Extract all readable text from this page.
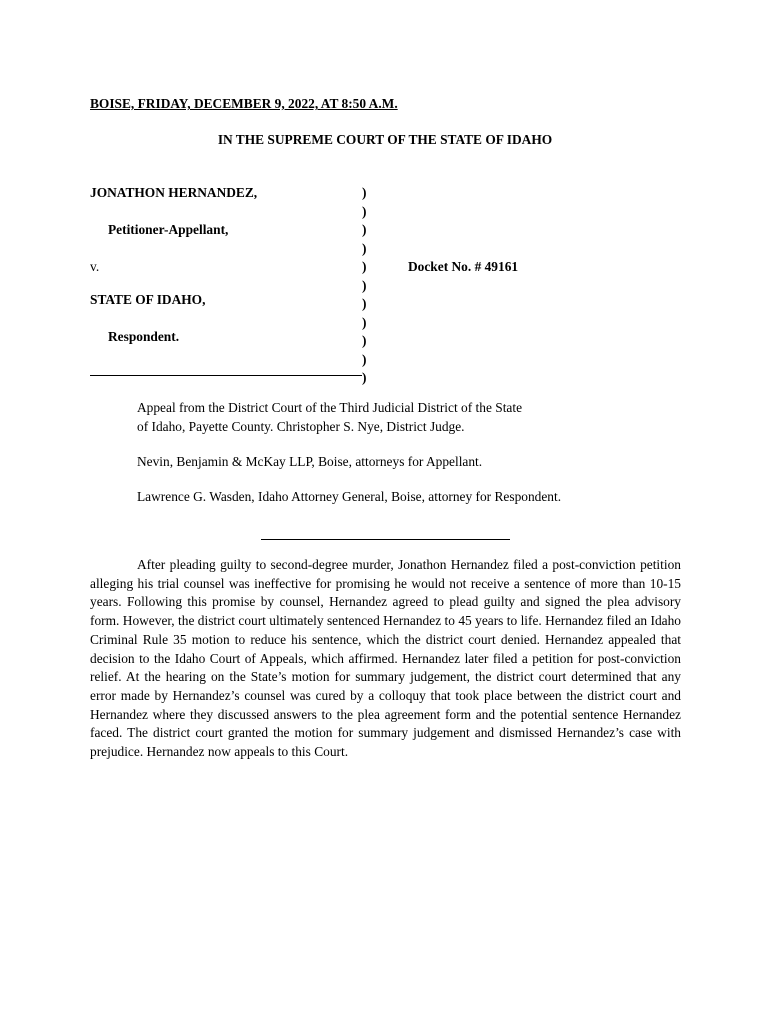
BOISE, FRIDAY, DECEMBER 9, 2022, AT 8:50 A.M.
IN THE SUPREME COURT OF THE STATE OF IDAHO
JONATHON HERNANDEZ,
Petitioner-Appellant,
v.
STATE OF IDAHO,
Respondent.
)
)
)
)
)
)
)
)
)
)
)
Docket No. # 49161
Appeal from the District Court of the Third Judicial District of the State
of Idaho, Payette County. Christopher S. Nye, District Judge.
Nevin, Benjamin & McKay LLP, Boise, attorneys for Appellant.
Lawrence G. Wasden, Idaho Attorney General, Boise, attorney for Respondent.
After pleading guilty to second-degree murder, Jonathon Hernandez filed a post-conviction petition alleging his trial counsel was ineffective for promising he would not receive a sentence of more than 10-15 years. Following this promise by counsel, Hernandez agreed to plead guilty and signed the plea advisory form. However, the district court ultimately sentenced Hernandez to 45 years to life. Hernandez filed an Idaho Criminal Rule 35 motion to reduce his sentence, which the district court denied. Hernandez appealed that decision to the Idaho Court of Appeals, which affirmed. Hernandez later filed a petition for post-conviction relief. At the hearing on the State’s motion for summary judgement, the district court determined that any error made by Hernandez’s counsel was cured by a colloquy that took place between the district court and Hernandez where they discussed answers to the plea agreement form and the potential sentence Hernandez faced. The district court granted the motion for summary judgement and dismissed Hernandez’s case with prejudice. Hernandez now appeals to this Court.
